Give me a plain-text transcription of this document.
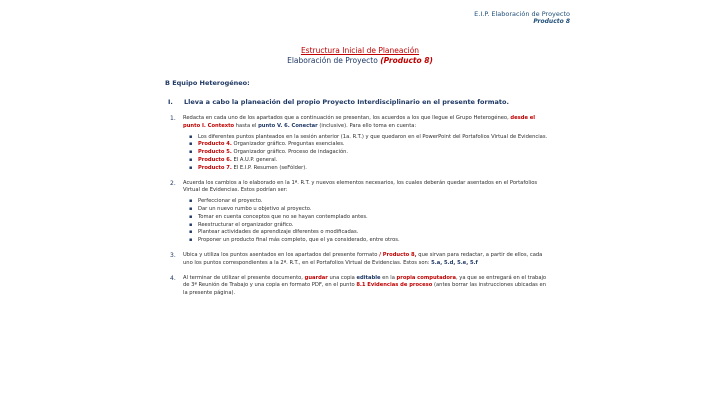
E.I.P. Elaboración de Proyecto
Producto 8
Estructura Inicial de Planeación
Elaboración de Proyecto (Producto 8)
B Equipo Heterogéneo:
I. Lleva a cabo la planeación del propio Proyecto Interdisciplinario en el presente formato.
1.	Redacta en cada uno de los apartados que a continuación se presentan, los acuerdos a los que llegue el Grupo Heterogéneo, desde el punto I. Contexto hasta el punto V. 6. Conectar (inclusive). Para ello toma en cuenta:
▪ Los diferentes puntos planteados en la sesión anterior (1a. R.T.) y que quedaron en el PowerPoint del Portafolios Virtual de Evidencias.
▪ Producto 4. Organizador gráfico. Preguntas esenciales.
▪ Producto 5. Organizador gráfico. Proceso de indagación.
▪ Producto 6. El A.U.P. general.
▪ Producto 7. El E.I.P. Resumen (seFólder).
2.	Acuerda los cambios a lo elaborado en la 1ª. R.T. y nuevos elementos necesarios, los cuales deberán quedar asentados en el Portafolios Virtual de Evidencias. Estos podrían ser:
▪ Perfeccionar el proyecto.
▪ Dar un nuevo rumbo u objetivo al proyecto.
▪ Tomar en cuenta conceptos que no se hayan contemplado antes.
▪ Reestructurar el organizador gráfico.
▪ Plantear actividades de aprendizaje diferentes o modificadas.
▪ Proponer un producto final más completo, que el ya considerado, entre otros.
3.	Ubica y utiliza los puntos asentados en los apartados del presente formato / Producto 8, que sirvan para redactar, a partir de ellos, cada uno los puntos correspondientes a la 2ª. R.T., en el Portafolios Virtual de Evidencias. Estos son: 5.a, 5.d, 5.e, 5.f
4.	Al terminar de utilizar el presente documento, guardar una copia editable en la propia computadora, ya que se entregará en el trabajo de 3ª Reunión de Trabajo y una copia en formato PDF, en el punto 8.1 Evidencias de proceso (antes borrar las instrucciones ubicadas en la presente página).
